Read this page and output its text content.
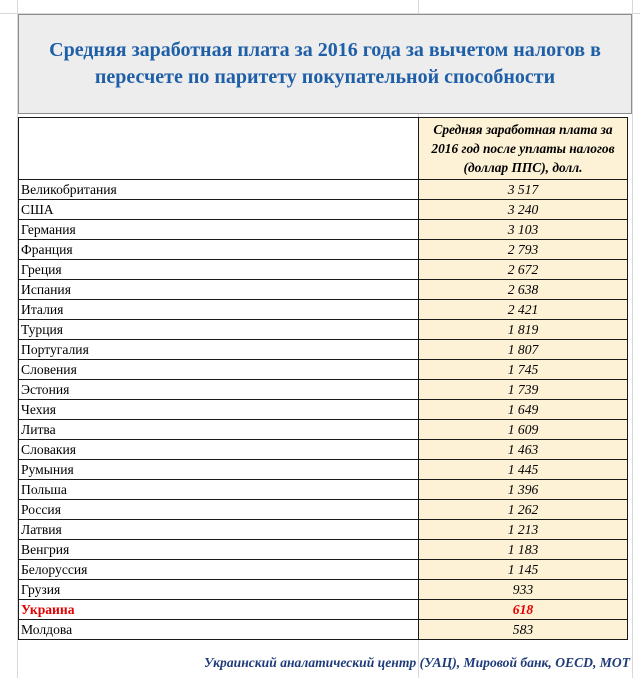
Средняя заработная плата за 2016 года за вычетом налогов в пересчете по паритету покупательной способности
	Средняя заработная плата за 2016 год после уплаты налогов (доллар ППС), долл.
Великобритания	3 517
США	3 240
Германия	3 103
Франция	2 793
Греция	2 672
Испания	2 638
Италия	2 421
Турция	1 819
Португалия	1 807
Словения	1 745
Эстония	1 739
Чехия	1 649
Литва	1 609
Словакия	1 463
Румыния	1 445
Польша	1 396
Россия	1 262
Латвия	1 213
Венгрия	1 183
Белоруссия	1 145
Грузия	933
Украина	618
Молдова	583
Украинский аналатический центр (УАЦ), Мировой банк, OECD, MOT
